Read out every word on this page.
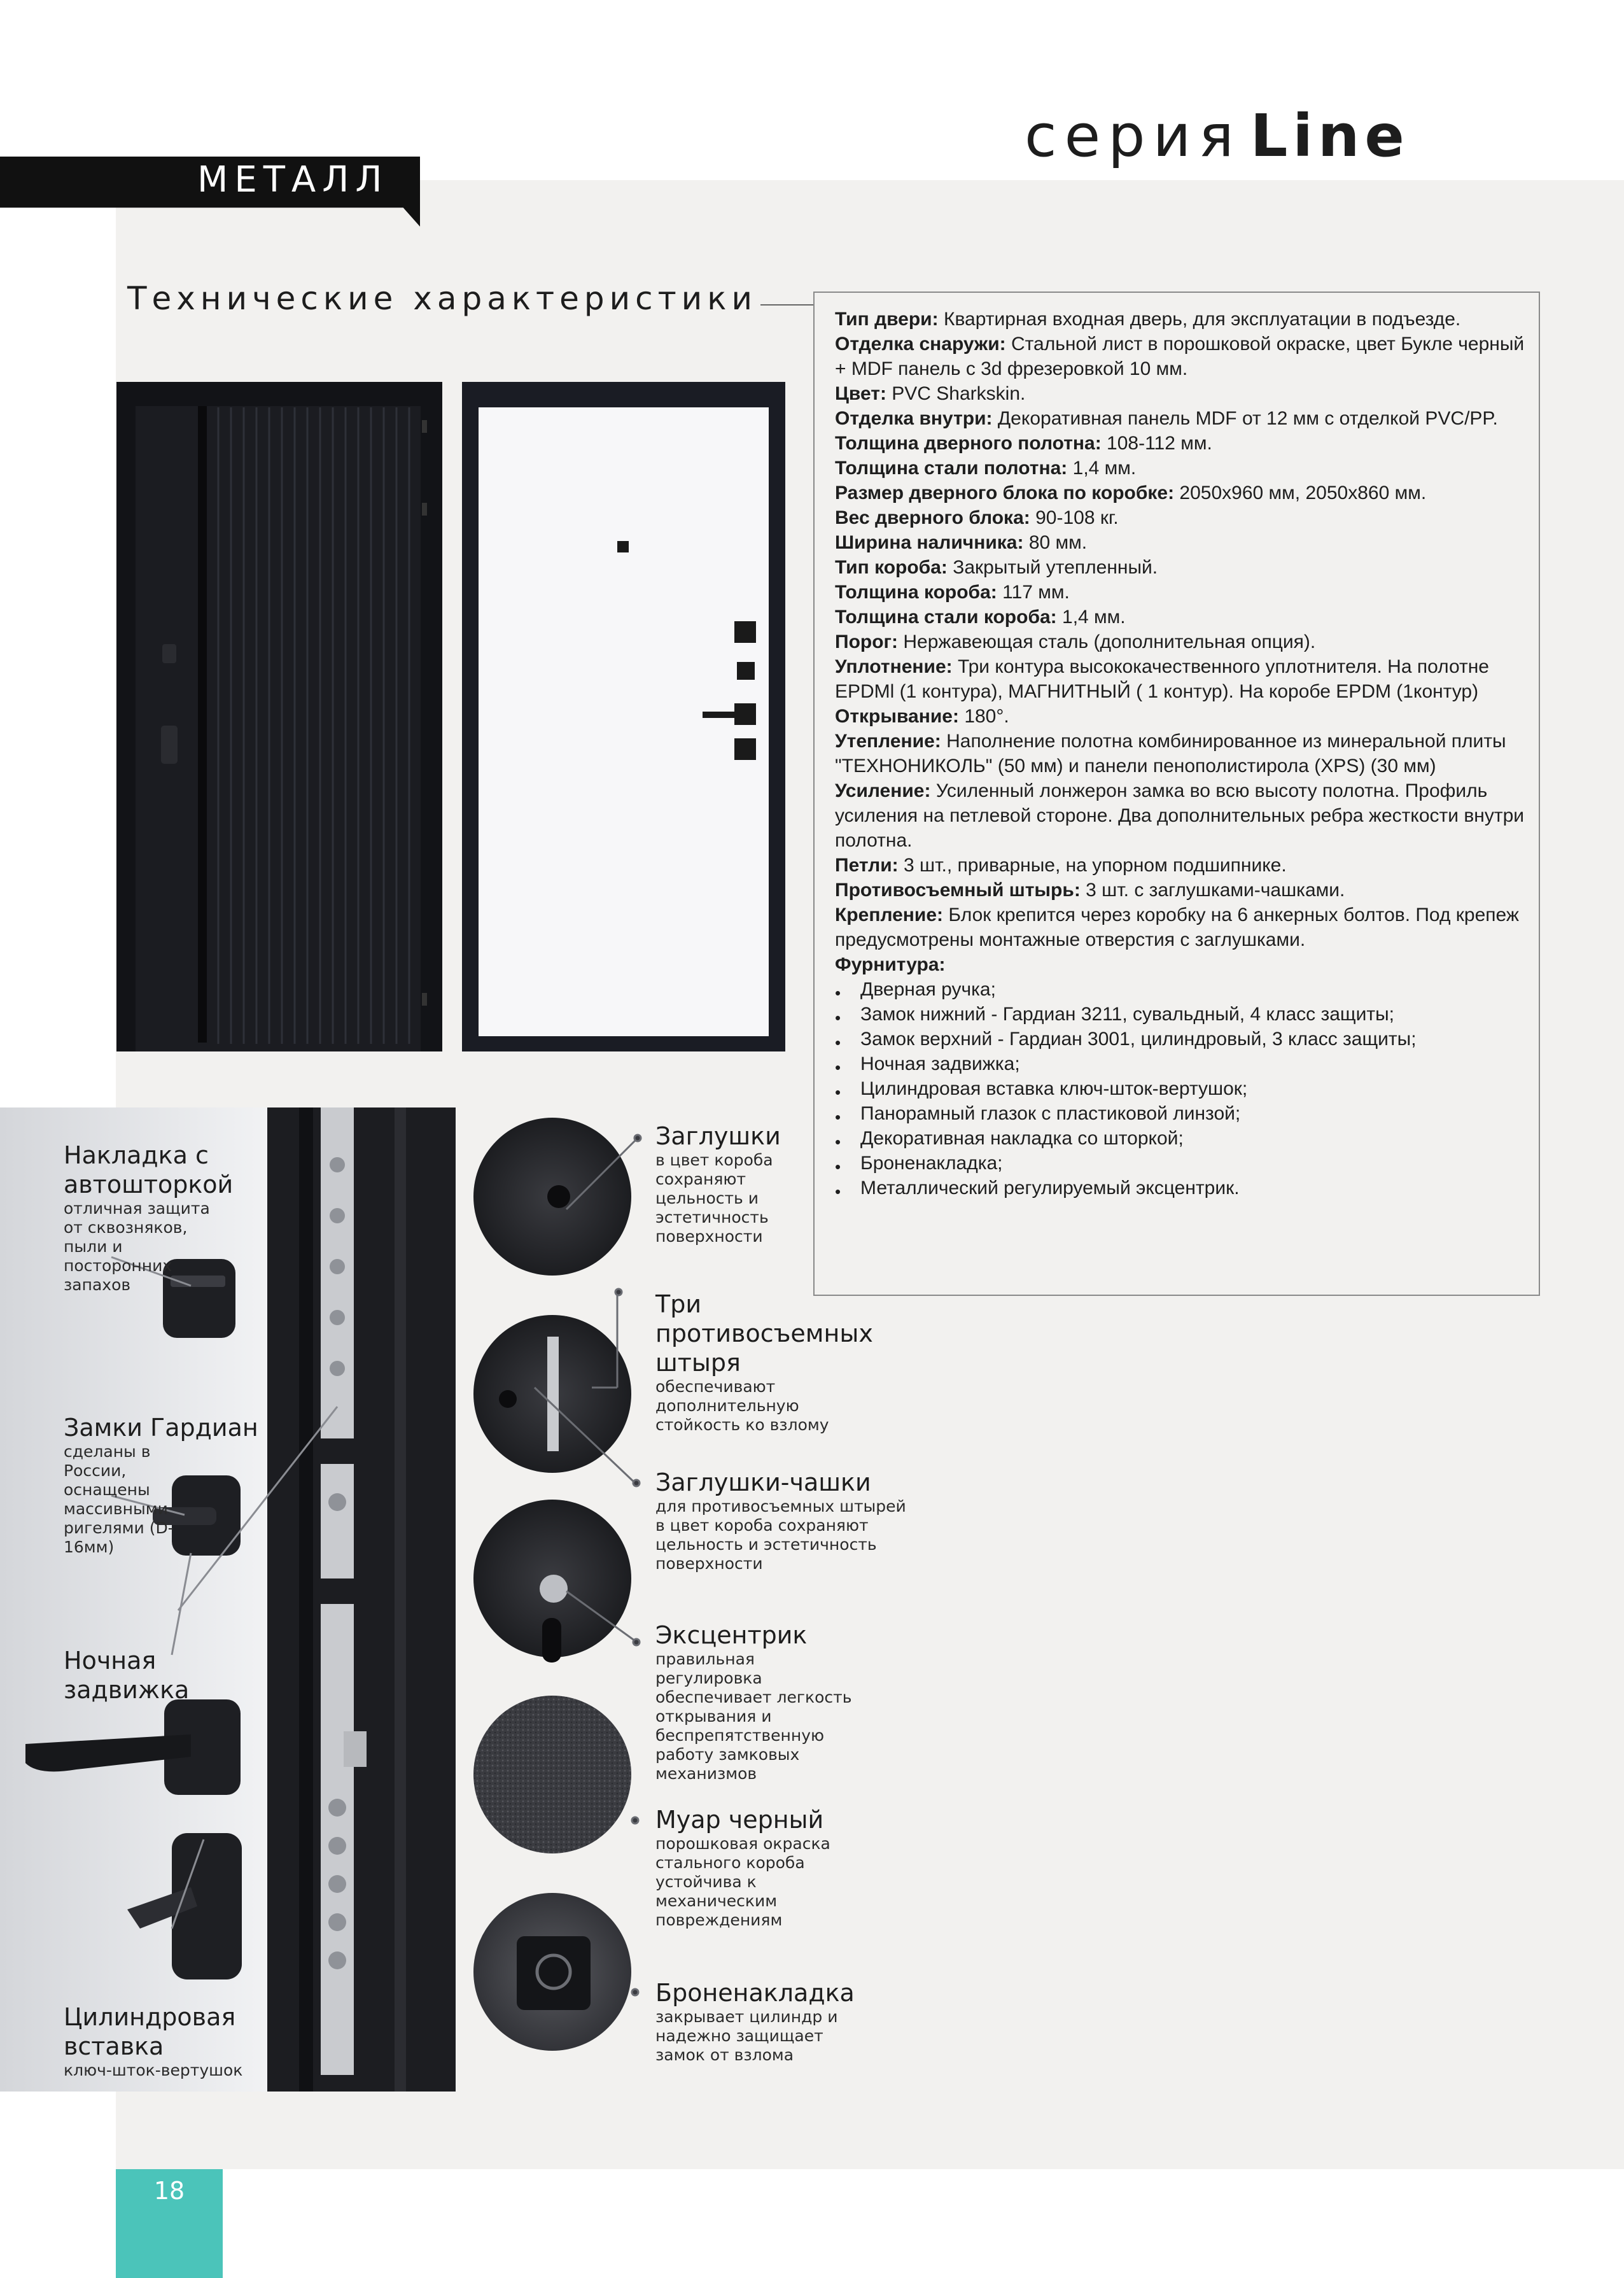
серия Line
МЕТАЛЛ
Технические характеристики

Тип двери: Квартирная входная дверь, для эксплуатации в подъезде.

Отделка снаружи: Стальной лист в порошковой окраске, цвет Букле черный + MDF панель с 3d фрезеровкой 10 мм.

Цвет: PVC Sharkskin.

Отделка внутри: Декоративная панель MDF от 12 мм с отделкой PVC/PP.

Толщина дверного полотна: 108-112 мм.

Толщина стали полотна: 1,4 мм.

Размер дверного блока по коробке: 2050х960 мм, 2050х860 мм.

Вес дверного блока: 90-108 кг.

Ширина наличника: 80 мм.

Тип короба: Закрытый утепленный.

Толщина короба: 117 мм.

Толщина стали короба: 1,4 мм.

Порог: Нержавеющая сталь (дополнительная опция).

Уплотнение: Три контура высококачественного уплотнителя. На полотне EPDMl (1 контура), МАГНИТНЫЙ ( 1 контур). На коробе EPDM (1контур)

Открывание: 180°.

Утепление: Наполнение полотна комбинированное из минеральной плиты "ТЕХНОНИКОЛЬ" (50 мм) и панели пенополистирола (XPS) (30 мм)

Усиление: Усиленный лонжерон замка во всю высоту полотна. Профиль усиления на петлевой стороне. Два дополнительных ребра жесткости внутри полотна.

Петли: 3 шт., приварные, на упорном подшипнике.

Противосъемный штырь: 3 шт. с заглушками-чашками.

Крепление: Блок крепится через коробку на 6 анкерных болтов. Под крепеж предусмотрены монтажные отверстия с заглушками.

Фурнитура:

• Дверная ручка;
• Замок нижний - Гардиан 3211, сувальдный, 4 класс защиты;
• Замок верхний - Гардиан 3001, цилиндровый, 3 класс защиты;
• Ночная задвижка;
• Цилиндровая вставка ключ-шток-вертушок;
• Панорамный глазок с пластиковой линзой;
• Декоративная накладка со шторкой;
• Броненакладка;
• Металлический регулируемый эксцентрик.
Накладка с автошторкой
отличная защита от сквозняков, пыли и посторонних запахов
Замки Гардиан
сделаны в России, оснащены массивными ригелями (D-16мм)
Ночная задвижка
Цилиндровая вставка
ключ-шток-вертушок
Заглушки
в цвет короба сохраняют цельность и эстетичность поверхности
Три противосъемных штыря
обеспечивают дополнительную стойкость ко взлому
Заглушки-чашки
для противосъемных штырей в цвет короба сохраняют цельность и эстетичность поверхности
Эксцентрик
правильная регулировка обеспечивает легкость открывания и беспрепятственную работу замковых механизмов
Муар черный
порошковая окраска стального короба устойчива к механическим повреждениям
Броненакладка
закрывает цилиндр и надежно защищает замок от взлома
18
